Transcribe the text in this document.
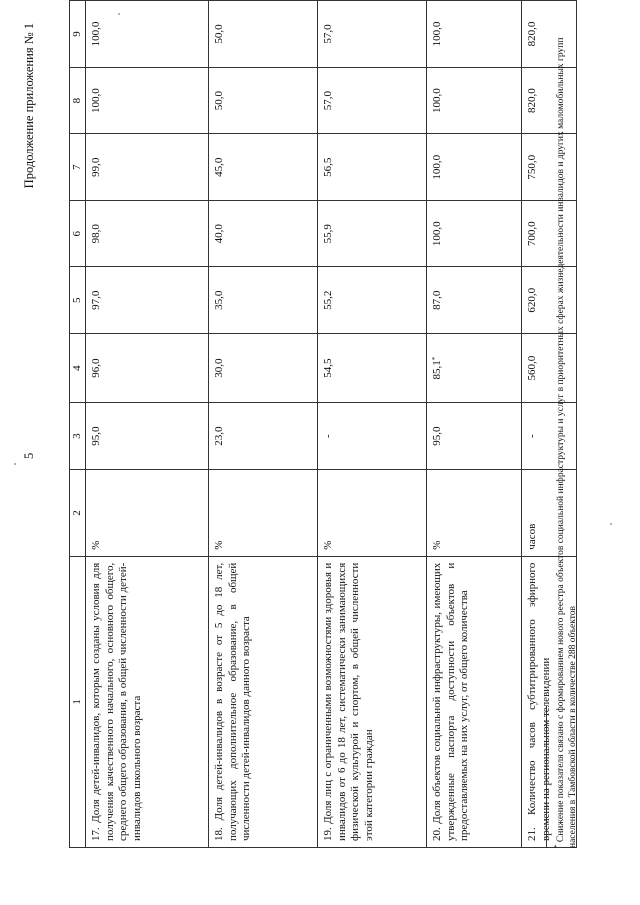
5
Продолжение приложения № 1
1	2	3	4	5	6	7	8	9
17. Доля детей-инвалидов, которым созданы условия для получения качественного начального, основного общего, среднего общего образования, в общей численности детей-инвалидов школьного возраста	%	95,0	96,0	97,0	98,0	99,0	100,0	100,0
18. Доля детей-инвалидов в возрасте от 5 до 18 лет, получающих дополнительное образование, в общей численности детей-инвалидов данного возраста	%	23,0	30,0	35,0	40,0	45,0	50,0	50,0
19. Доля лиц с ограниченными возможностями здоровья и инвалидов от 6 до 18 лет, систематически занимающихся физической культурой и спортом, в общей численности этой категории граждан	%	-	54,5	55,2	55,9	56,5	57,0	57,0
20. Доля объектов социальной инфраструктуры, имеющих утвержденные паспорта доступности объектов и предоставляемых на них услуг, от общего количества	%	95,0	85,1*	87,0	100,0	100,0	100,0	100,0
21. Количество часов субтитрированного эфирного времени на региональном телевидении	часов	-	560,0	620,0	700,0	750,0	820,0	820,0
* Снижение показателя связано с формированием нового реестра объектов социальной инфраструктуры и услуг в приоритетных сферах жизнедеятельности инвалидов и других маломобильных групп населения в Тамбовской области в количестве 288 объектов
